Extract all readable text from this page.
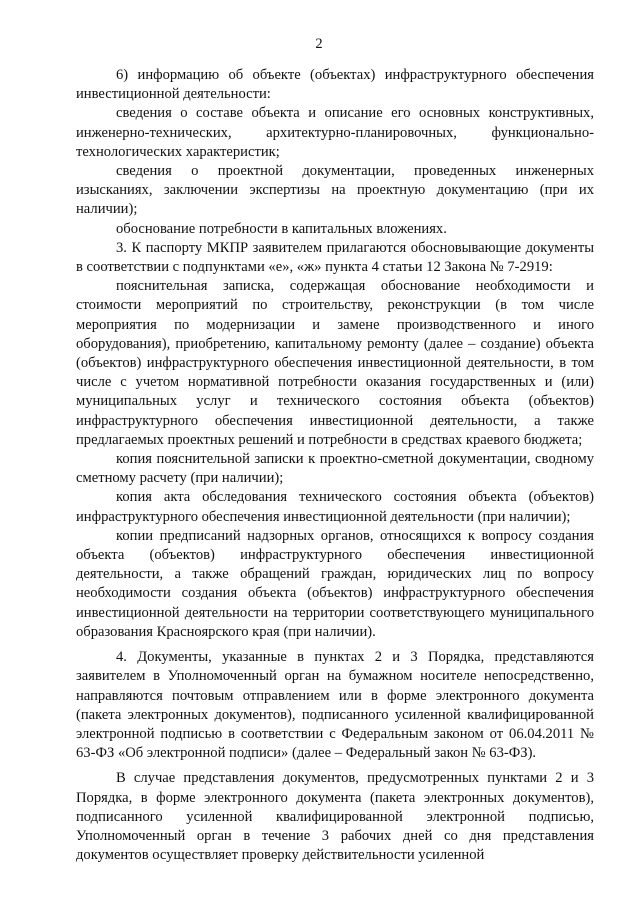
2

6) информацию об объекте (объектах) инфраструктурного обеспечения инвестиционной деятельности:

сведения о составе объекта и описание его основных конструктивных, инженерно-технических, архитектурно-планировочных, функционально-технологических характеристик;

сведения о проектной документации, проведенных инженерных изысканиях, заключении экспертизы на проектную документацию (при их наличии);

обоснование потребности в капитальных вложениях.

3. К паспорту МКПР заявителем прилагаются обосновывающие документы в соответствии с подпунктами «е», «ж» пункта 4 статьи 12 Закона № 7-2919:

пояснительная записка, содержащая обоснование необходимости и стоимости мероприятий по строительству, реконструкции (в том числе мероприятия по модернизации и замене производственного и иного оборудования), приобретению, капитальному ремонту (далее – создание) объекта (объектов) инфраструктурного обеспечения инвестиционной деятельности, в том числе с учетом нормативной потребности оказания государственных и (или) муниципальных услуг и технического состояния объекта (объектов) инфраструктурного обеспечения инвестиционной деятельности, а также предлагаемых проектных решений и потребности в средствах краевого бюджета;

копия пояснительной записки к проектно-сметной документации, сводному сметному расчету (при наличии);

копия акта обследования технического состояния объекта (объектов) инфраструктурного обеспечения инвестиционной деятельности (при наличии);

копии предписаний надзорных органов, относящихся к вопросу создания объекта (объектов) инфраструктурного обеспечения инвестиционной деятельности, а также обращений граждан, юридических лиц по вопросу необходимости создания объекта (объектов) инфраструктурного обеспечения инвестиционной деятельности на территории соответствующего муниципального образования Красноярского края (при наличии).

4. Документы, указанные в пунктах 2 и 3 Порядка, представляются заявителем в Уполномоченный орган на бумажном носителе непосредственно, направляются почтовым отправлением или в форме электронного документа (пакета электронных документов), подписанного усиленной квалифицированной электронной подписью в соответствии с Федеральным законом от 06.04.2011 № 63-ФЗ «Об электронной подписи» (далее – Федеральный закон № 63-ФЗ).

В случае представления документов, предусмотренных пунктами 2 и 3 Порядка, в форме электронного документа (пакета электронных документов), подписанного усиленной квалифицированной электронной подписью, Уполномоченный орган в течение 3 рабочих дней со дня представления документов осуществляет проверку действительности усиленной
